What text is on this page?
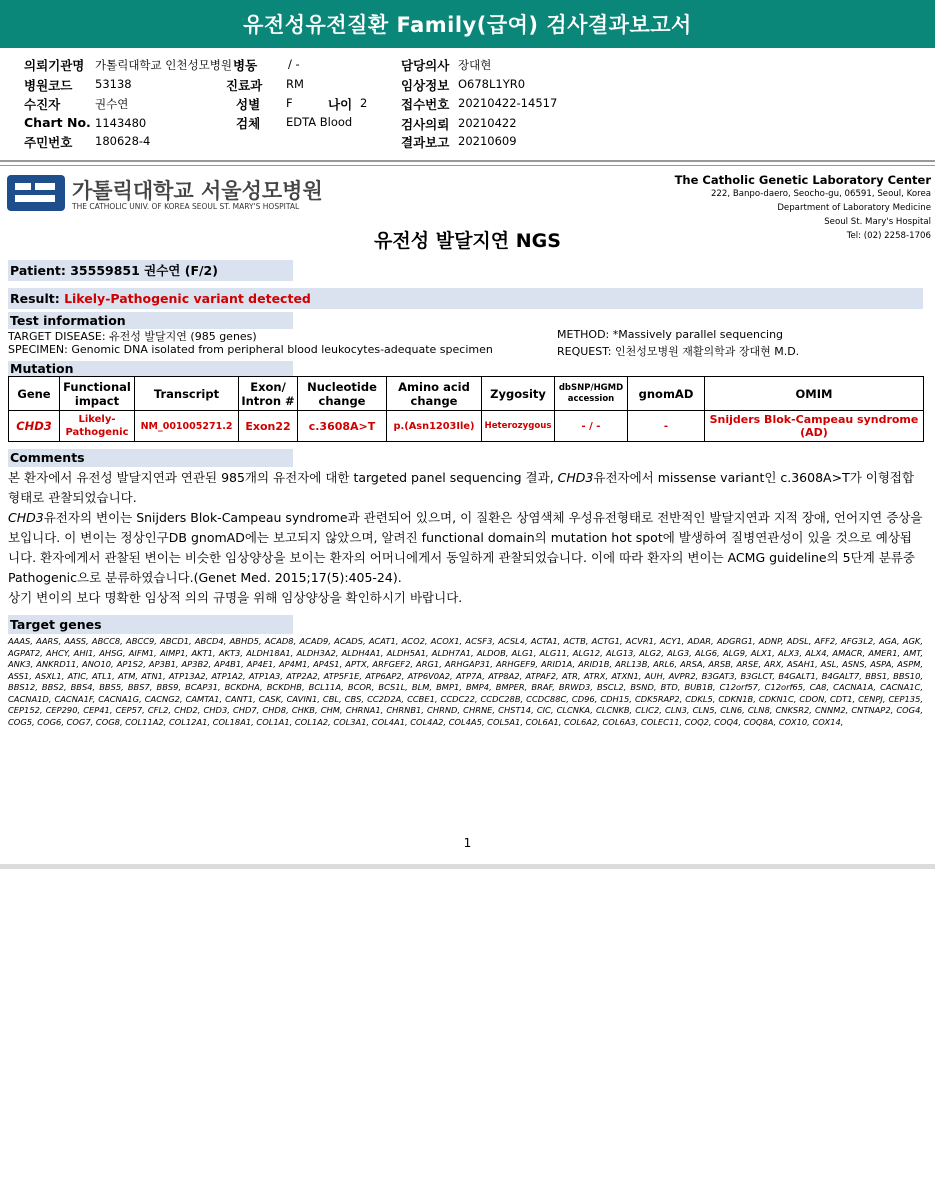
유전성유전질환 Family(급여) 검사결과보고서
의뢰기관명 가톨릭대학교 인천성모병원 병동	/ -
병원코드 53138	진료과 RM
수진자	권수연	성별 F	나이 2
Chart No. 1143480	검체 EDTA Blood
주민번호 180628-4
담당의사 장대현
임상정보 O678L1YR0
접수번호 20210422-14517
검사의뢰 20210422
결과보고 20210609
가톨릭대학교 서울성모병원
THE CATHOLIC UNIV. OF KOREA SEOUL ST. MARY'S HOSPITAL
The Catholic Genetic Laboratory Center
222, Banpo-daero, Seocho-gu, 06591, Seoul, Korea
Department of Laboratory Medicine
Seoul St. Mary's Hospital
Tel: (02) 2258-1706
유전성 발달지연 NGS
Patient: 35559851 권수연 (F/2)
Result: Likely-Pathogenic variant detected
Test information
TARGET DISEASE: 유전성 발달지연 (985 genes)
SPECIMEN: Genomic DNA isolated from peripheral blood leukocytes-adequate specimen
METHOD: *Massively parallel sequencing
REQUEST: 인천성모병원 재활의학과 장대현 M.D.
Mutation
Gene	Functional impact	Transcript	Exon/ Intron #	Nucleotide change	Amino acid change	Zygosity	dbSNP/HGMD accession	gnomAD	OMIM
CHD3	Likely-Pathogenic	NM_001005271.2	Exon22	c.3608A>T	p.(Asn1203Ile)	Heterozygous	- / -	-	Snijders Blok-Campeau syndrome (AD)
Comments

본 환자에서 유전성 발달지연과 연관된 985개의 유전자에 대한 targeted panel sequencing 결과, CHD3유전자에서 missense variant인 c.3608A>T가 이형접합형태로 관찰되었습니다.

CHD3유전자의 변이는 Snijders Blok-Campeau syndrome과 관련되어 있으며, 이 질환은 상염색체 우성유전형태로 전반적인 발달지연과 지적 장애, 언어지연 증상을 보입니다. 이 변이는 정상인구DB gnomAD에는 보고되지 않았으며, 알려진 functional domain의 mutation hot spot에 발생하여 질병연관성이 있을 것으로 예상됩니다. 환자에게서 관찰된 변이는 비슷한 임상양상을 보이는 환자의 어머니에게서 동일하게 관찰되었습니다. 이에 따라 환자의 변이는 ACMG guideline의 5단계 분류중 Pathogenic으로 분류하였습니다.(Genet Med. 2015;17(5):405-24).

상기 변이의 보다 명확한 임상적 의의 규명을 위해 임상양상을 확인하시기 바랍니다.

Target genes
AAAS, AARS, AASS, ABCC8, ABCC9, ABCD1, ABCD4, ABHD5, ACAD8, ACAD9, ACADS, ACAT1, ACO2, ACOX1, ACSF3, ACSL4, ACTA1, ACTB, ACTG1, ACVR1, ACY1, ADAR, ADGRG1, ADNP, ADSL, AFF2, AFG3L2, AGA, AGK, AGPAT2, AHCY, AHI1, AHSG, AIFM1, AIMP1, AKT1, AKT3, ALDH18A1, ALDH3A2, ALDH4A1, ALDH5A1, ALDH7A1, ALDOB, ALG1, ALG11, ALG12, ALG13, ALG2, ALG3, ALG6, ALG9, ALX1, ALX3, ALX4, AMACR, AMER1, AMT, ANK3, ANKRD11, ANO10, AP1S2, AP3B1, AP3B2, AP4B1, AP4E1, AP4M1, AP4S1, APTX, ARFGEF2, ARG1, ARHGAP31, ARHGEF9, ARID1A, ARID1B, ARL13B, ARL6, ARSA, ARSB, ARSE, ARX, ASAH1, ASL, ASNS, ASPA, ASPM, ASS1, ASXL1, ATIC, ATL1, ATM, ATN1, ATP13A2, ATP1A2, ATP1A3, ATP2A2, ATP5F1E, ATP6AP2, ATP6V0A2, ATP7A, ATP8A2, ATPAF2, ATR, ATRX, ATXN1, AUH, AVPR2, B3GAT3, B3GLCT, B4GALT1, B4GALT7, BBS1, BBS10, BBS12, BBS2, BBS4, BBS5, BBS7, BBS9, BCAP31, BCKDHA, BCKDHB, BCL11A, BCOR, BCS1L, BLM, BMP1, BMP4, BMPER, BRAF, BRWD3, BSCL2, BSND, BTD, BUB1B, C12orf57, C12orf65, CA8, CACNA1A, CACNA1C, CACNA1D, CACNA1F, CACNA1G, CACNG2, CAMTA1, CANT1, CASK, CAVIN1, CBL, CBS, CC2D2A, CCBE1, CCDC22, CCDC28B, CCDC88C, CD96, CDH15, CDK5RAP2, CDKL5, CDKN1B, CDKN1C, CDON, CDT1, CENPJ, CEP135, CEP152, CEP290, CEP41, CEP57, CFL2, CHD2, CHD3, CHD7, CHD8, CHKB, CHM, CHRNA1, CHRNB1, CHRND, CHRNE, CHST14, CIC, CLCNKA, CLCNKB, CLIC2, CLN3, CLN5, CLN6, CLN8, CNKSR2, CNNM2, CNTNAP2, COG4, COG5, COG6, COG7, COG8, COL11A2, COL12A1, COL18A1, COL1A1, COL1A2, COL3A1, COL4A1, COL4A2, COL4A5, COL5A1, COL6A1, COL6A2, COL6A3, COLEC11, COQ2, COQ4, COQ8A, COX10, COX14,
1
